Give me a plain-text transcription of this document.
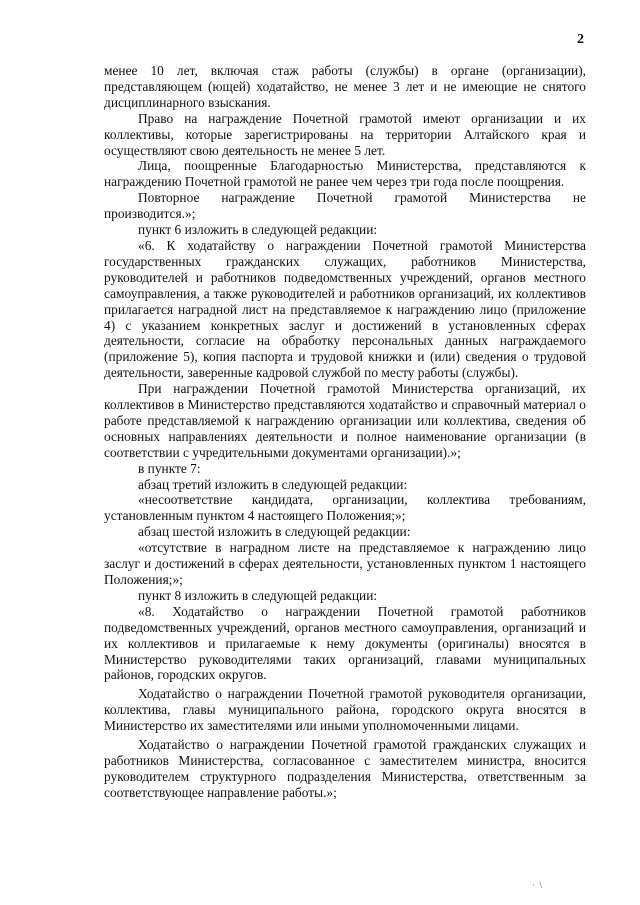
2

менее 10 лет, включая стаж работы (службы) в органе (организации), представляющем (ющей) ходатайство, не менее 3 лет и не имеющие не снятого дисциплинарного взыскания.

Право на награждение Почетной грамотой имеют организации и их коллективы, которые зарегистрированы на территории Алтайского края и осуществляют свою деятельность не менее 5 лет.

Лица, поощренные Благодарностью Министерства, представляются к награждению Почетной грамотой не ранее чем через три года после поощрения.

Повторное награждение Почетной грамотой Министерства не производится.»;

пункт 6 изложить в следующей редакции:

«6. К ходатайству о награждении Почетной грамотой Министерства государственных гражданских служащих, работников Министерства, руководителей и работников подведомственных учреждений, органов местного самоуправления, а также руководителей и работников организаций, их коллективов прилагается наградной лист на представляемое к награждению лицо (приложение 4) с указанием конкретных заслуг и достижений в установленных сферах деятельности, согласие на обработку персональных данных награждаемого (приложение 5), копия паспорта и трудовой книжки и (или) сведения о трудовой деятельности, заверенные кадровой службой по месту работы (службы).

При награждении Почетной грамотой Министерства организаций, их коллективов в Министерство представляются ходатайство и справочный материал о работе представляемой к награждению организации или коллектива, сведения об основных направлениях деятельности и полное наименование организации (в соответствии с учредительными документами организации).»;

в пункте 7:

абзац третий изложить в следующей редакции:

«несоответствие кандидата, организации, коллектива требованиям, установленным пунктом 4 настоящего Положения;»;

абзац шестой изложить в следующей редакции:

«отсутствие в наградном листе на представляемое к награждению лицо заслуг и достижений в сферах деятельности, установленных пунктом 1 настоящего Положения;»;

пункт 8 изложить в следующей редакции:

«8. Ходатайство о награждении Почетной грамотой работников подведомственных учреждений, органов местного самоуправления, организаций и их коллективов и прилагаемые к нему документы (оригиналы) вносятся в Министерство руководителями таких организаций, главами муниципальных районов, городских округов.

Ходатайство о награждении Почетной грамотой руководителя организации, коллектива, главы муниципального района, городского округа вносятся в Министерство их заместителями или иными уполномоченными лицами.

Ходатайство о награждении Почетной грамотой гражданских служащих и работников Министерства, согласованное с заместителем министра, вносится руководителем структурного подразделения Министерства, ответственным за соответствующее направление работы.»;

·  \
